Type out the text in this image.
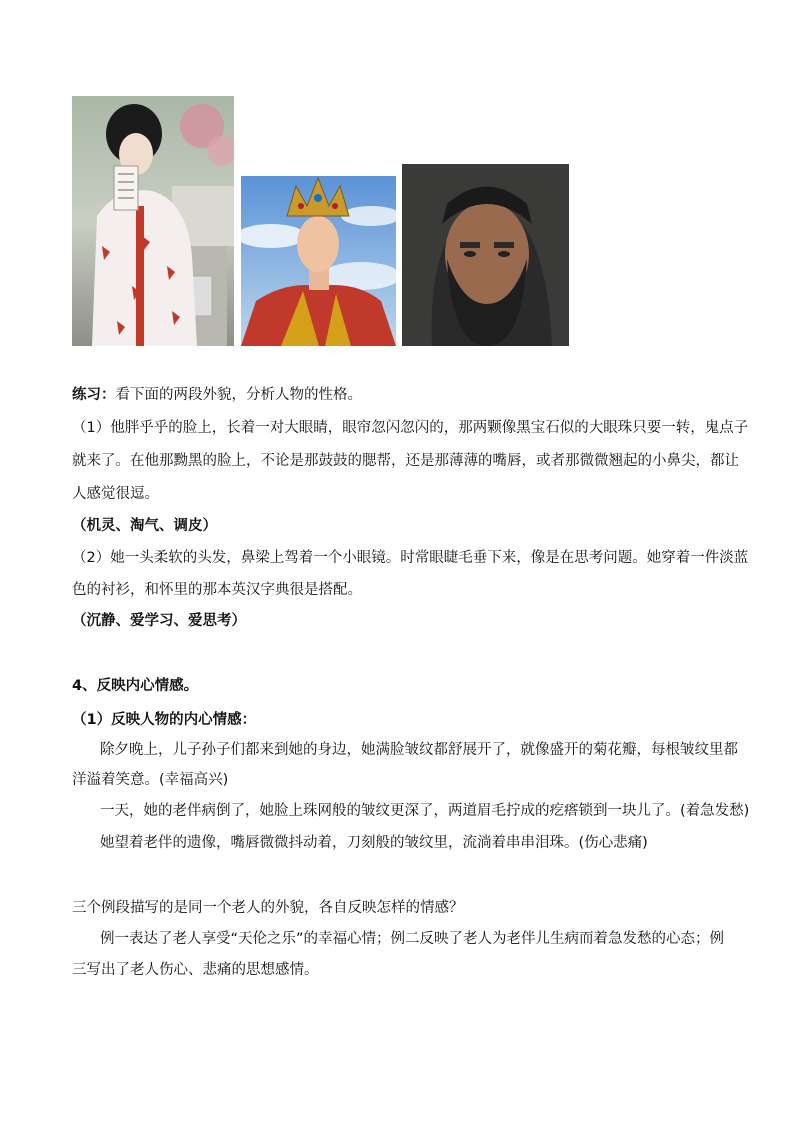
练习：看下面的两段外貌，分析人物的性格。
（1）他胖乎乎的脸上，长着一对大眼睛，眼帘忽闪忽闪的，那两颗像黑宝石似的大眼珠只要一转，鬼点子
就来了。在他那黝黑的脸上，不论是那鼓鼓的腮帮，还是那薄薄的嘴唇，或者那微微翘起的小鼻尖，都让
人感觉很逗。
（机灵、淘气、调皮）
（2）她一头柔软的头发，鼻梁上驾着一个小眼镜。时常眼睫毛垂下来，像是在思考问题。她穿着一件淡蓝
色的衬衫，和怀里的那本英汉字典很是搭配。
（沉静、爱学习、爱思考）
4、反映内心情感。
（1）反映人物的内心情感：
除夕晚上，儿子孙子们都来到她的身边，她满脸皱纹都舒展开了，就像盛开的菊花瓣，每根皱纹里都
洋溢着笑意。(幸福高兴)
一天，她的老伴病倒了，她脸上珠网般的皱纹更深了，两道眉毛拧成的疙瘩锁到一块儿了。(着急发愁)
她望着老伴的遗像，嘴唇微微抖动着，刀刻般的皱纹里，流淌着串串泪珠。(伤心悲痛)
三个例段描写的是同一个老人的外貌，各自反映怎样的情感？
例一表达了老人享受“天伦之乐”的幸福心情；例二反映了老人为老伴儿生病而着急发愁的心态；例
三写出了老人伤心、悲痛的思想感情。
